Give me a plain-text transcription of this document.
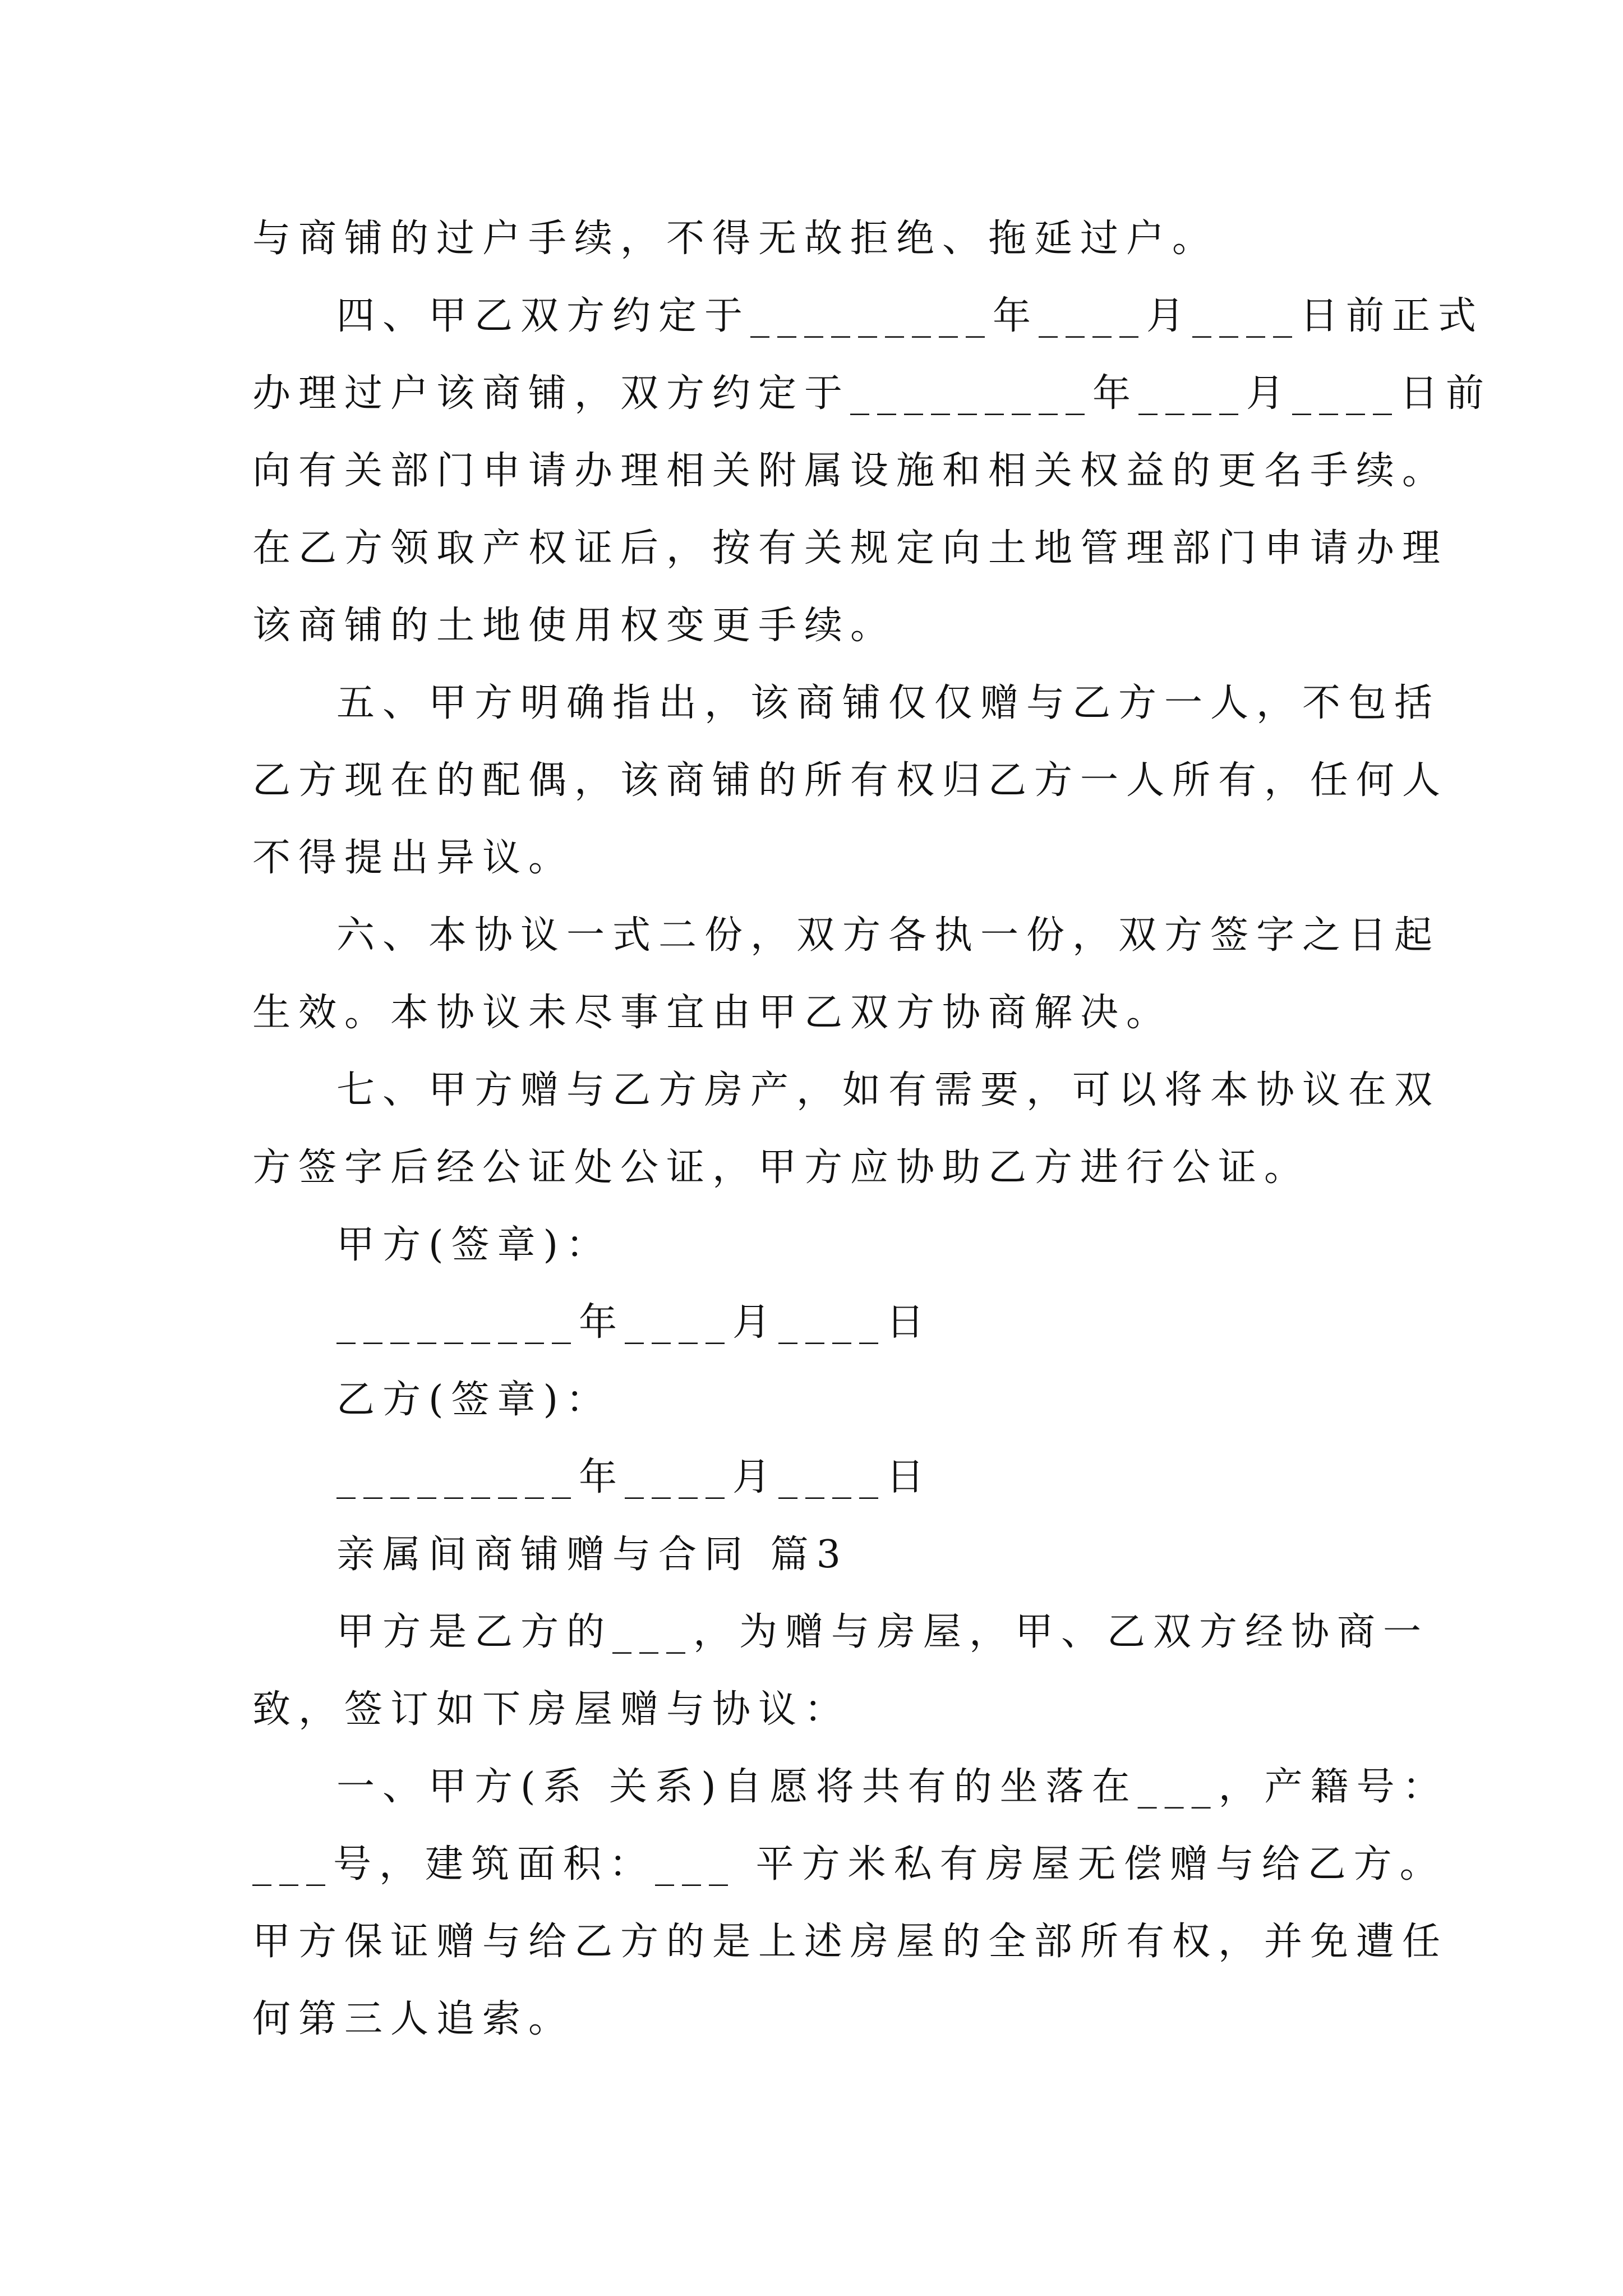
与商铺的过户手续，不得无故拒绝、拖延过户。
四、甲乙双方约定于_________年____月____日前正式
办理过户该商铺，双方约定于_________年____月____日前
向有关部门申请办理相关附属设施和相关权益的更名手续。
在乙方领取产权证后，按有关规定向土地管理部门申请办理
该商铺的土地使用权变更手续。
五、甲方明确指出，该商铺仅仅赠与乙方一人，不包括
乙方现在的配偶，该商铺的所有权归乙方一人所有，任何人
不得提出异议。
六、本协议一式二份，双方各执一份，双方签字之日起
生效。本协议未尽事宜由甲乙双方协商解决。
七、甲方赠与乙方房产，如有需要，可以将本协议在双
方签字后经公证处公证，甲方应协助乙方进行公证。
甲方(签章)：
_________年____月____日
乙方(签章)：
_________年____月____日
亲属间商铺赠与合同 篇3
甲方是乙方的___，为赠与房屋，甲、乙双方经协商一
致，签订如下房屋赠与协议：
一、甲方(系 关系)自愿将共有的坐落在___，产籍号：
___号，建筑面积：___ 平方米私有房屋无偿赠与给乙方。
甲方保证赠与给乙方的是上述房屋的全部所有权，并免遭任
何第三人追索。
